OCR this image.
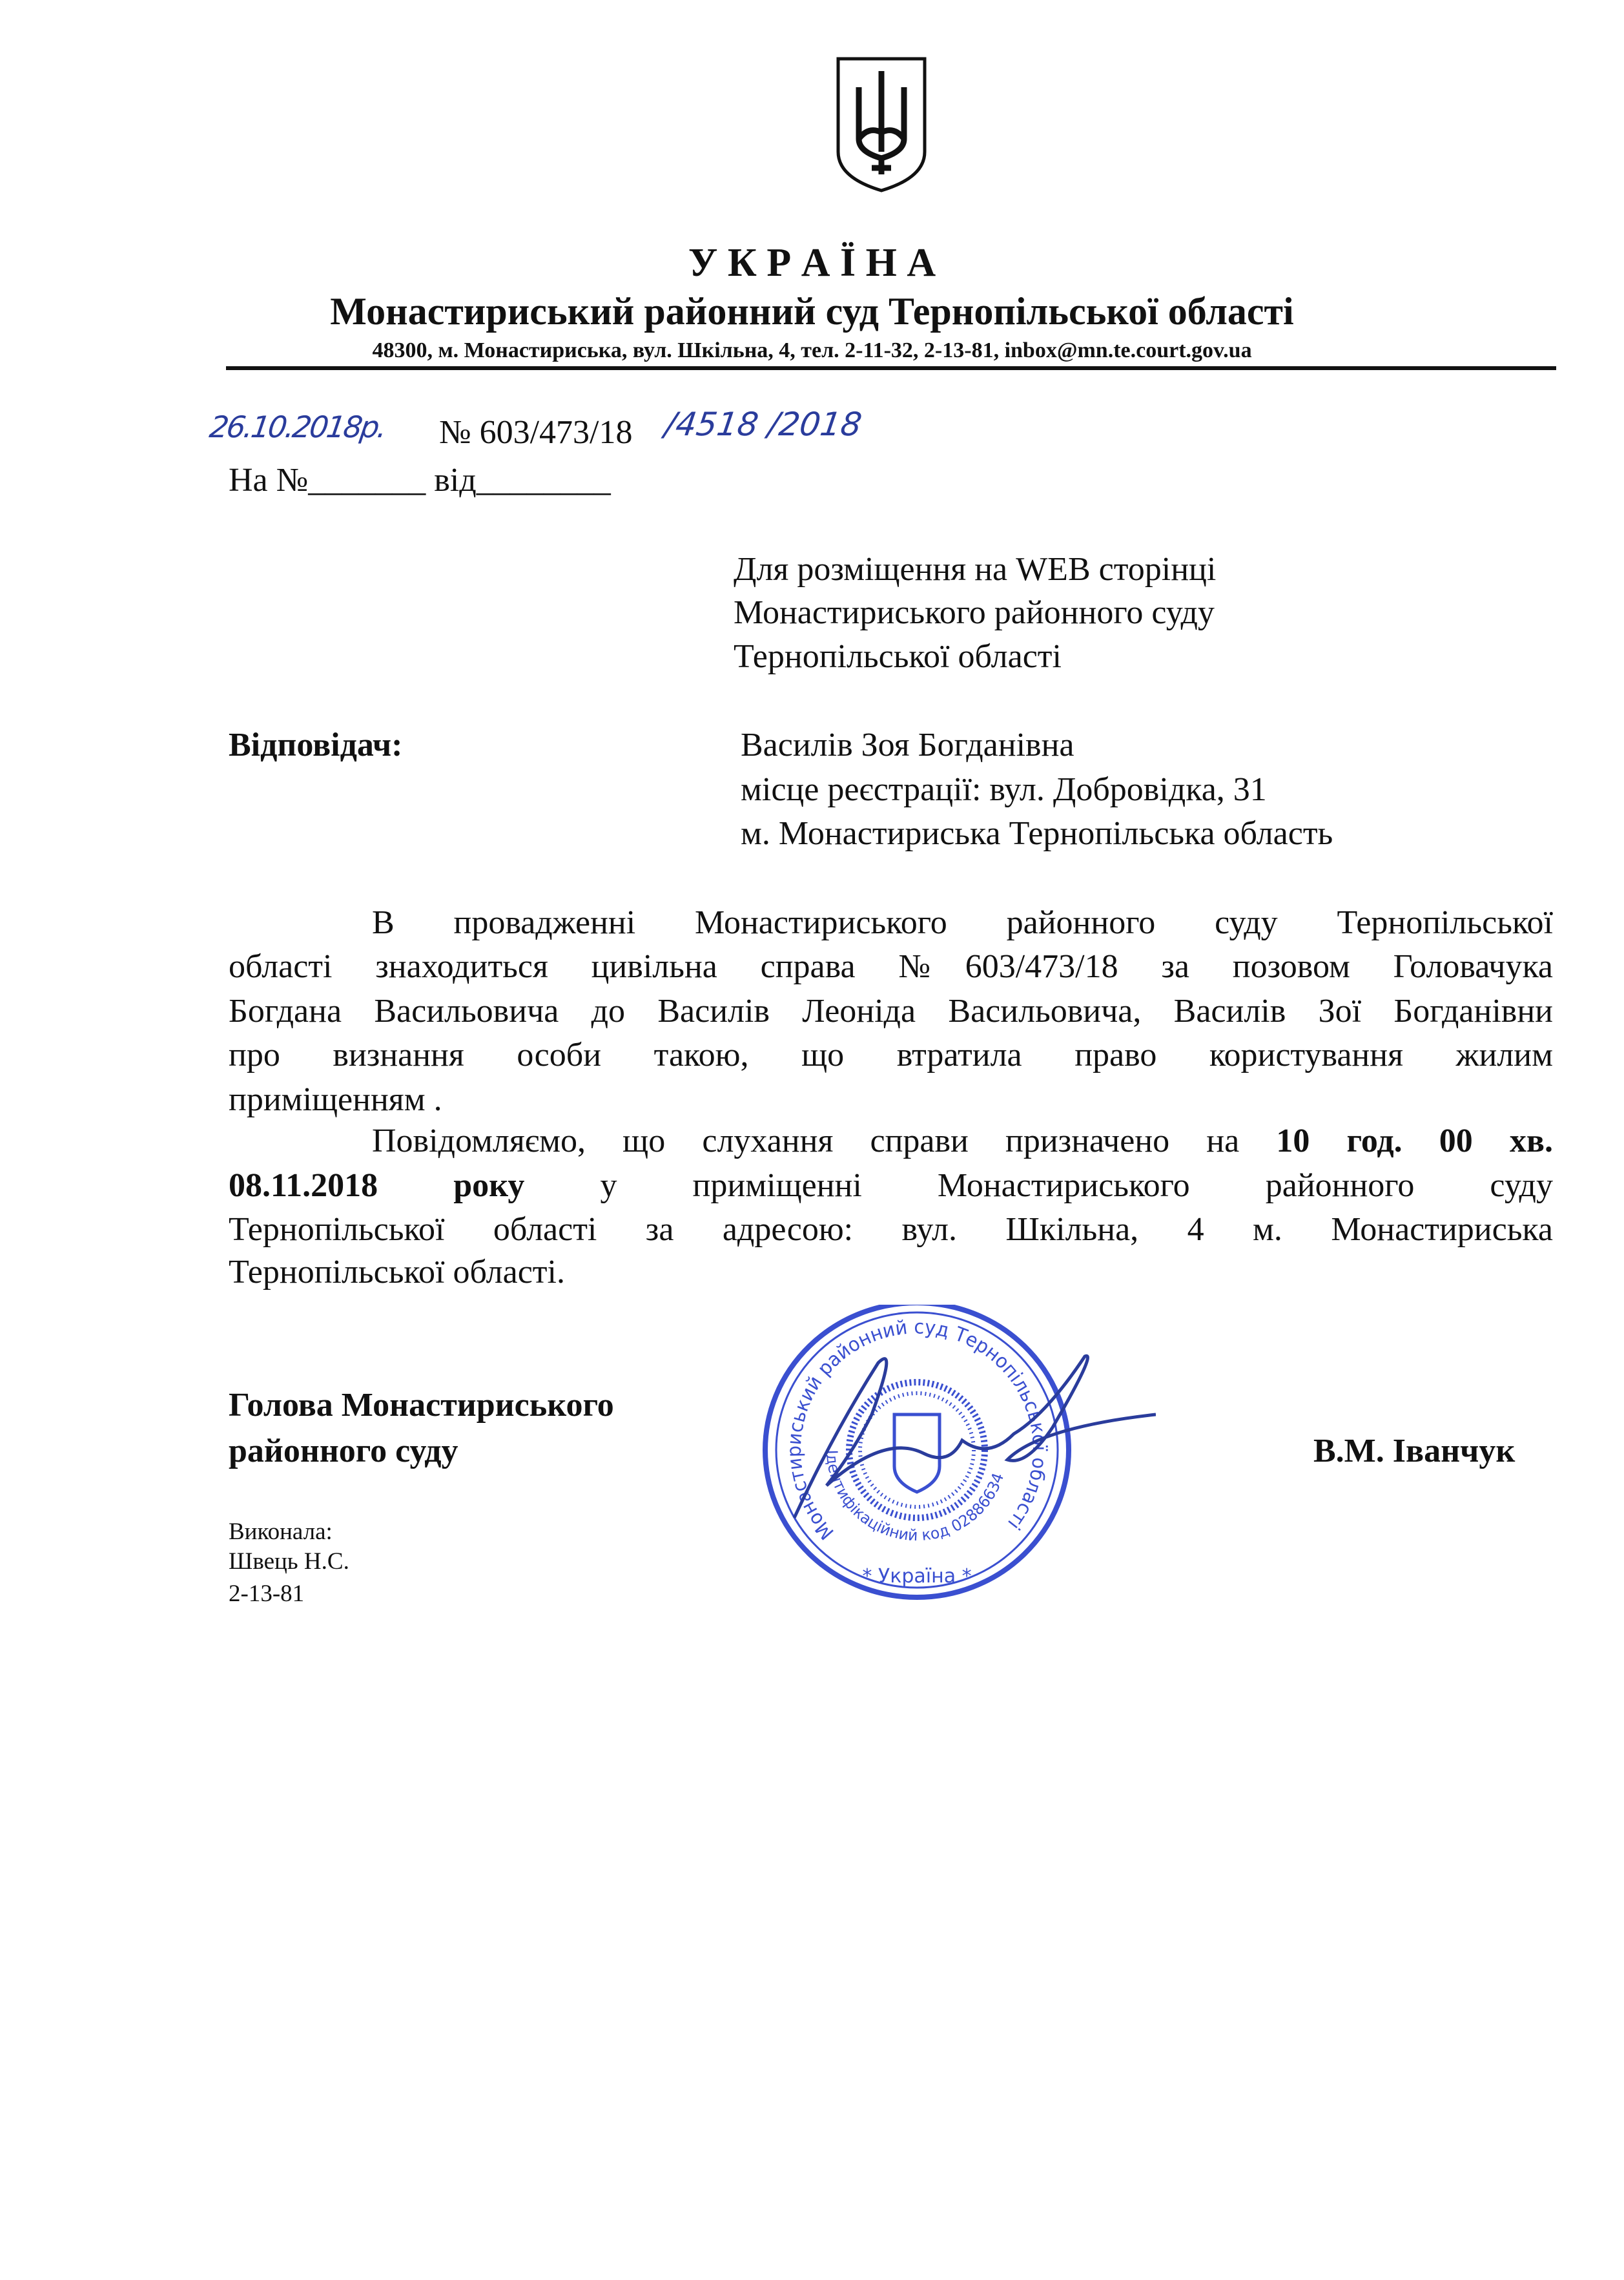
У К Р А Ї Н А
Монастириський районний суд Тернопільської області
48300, м. Монастириська, вул. Шкільна, 4, тел. 2-11-32, 2-13-81, inbox@mn.te.court.gov.ua
26.10.2018р. № 603/473/18 /4518 /2018
На №_______ від________
Для розміщення на WEB сторінці
Монастириського районного суду
Тернопільської області
Відповідач:	Василів Зоя Богданівна
місце реєстрації: вул. Добровідка, 31
м. Монастириська Тернопільська область
В провадженні Монастириського районного суду Тернопільської
області знаходиться цивільна справа №603/473/18 за позовом Головачука
Богдана Васильовича до Василів Леоніда Васильовича, Василів Зої Богданівни
про визнання особи такою, що втратила право користування жилим
приміщенням .
Повідомляємо, що слухання справи призначено на 10 год. 00 хв.
08.11.2018 року у приміщенні Монастириського районного суду
Тернопільської області за адресою: вул. Шкільна, 4 м. Монастириська
Тернопільської області.
Голова Монастириського
районного суду	В.М. Іванчук
Виконала:
Швець Н.С.
2-13-81
Монастириський районний суд Тернопільської області
Ідентифікаційний код 02886634
* Україна *
